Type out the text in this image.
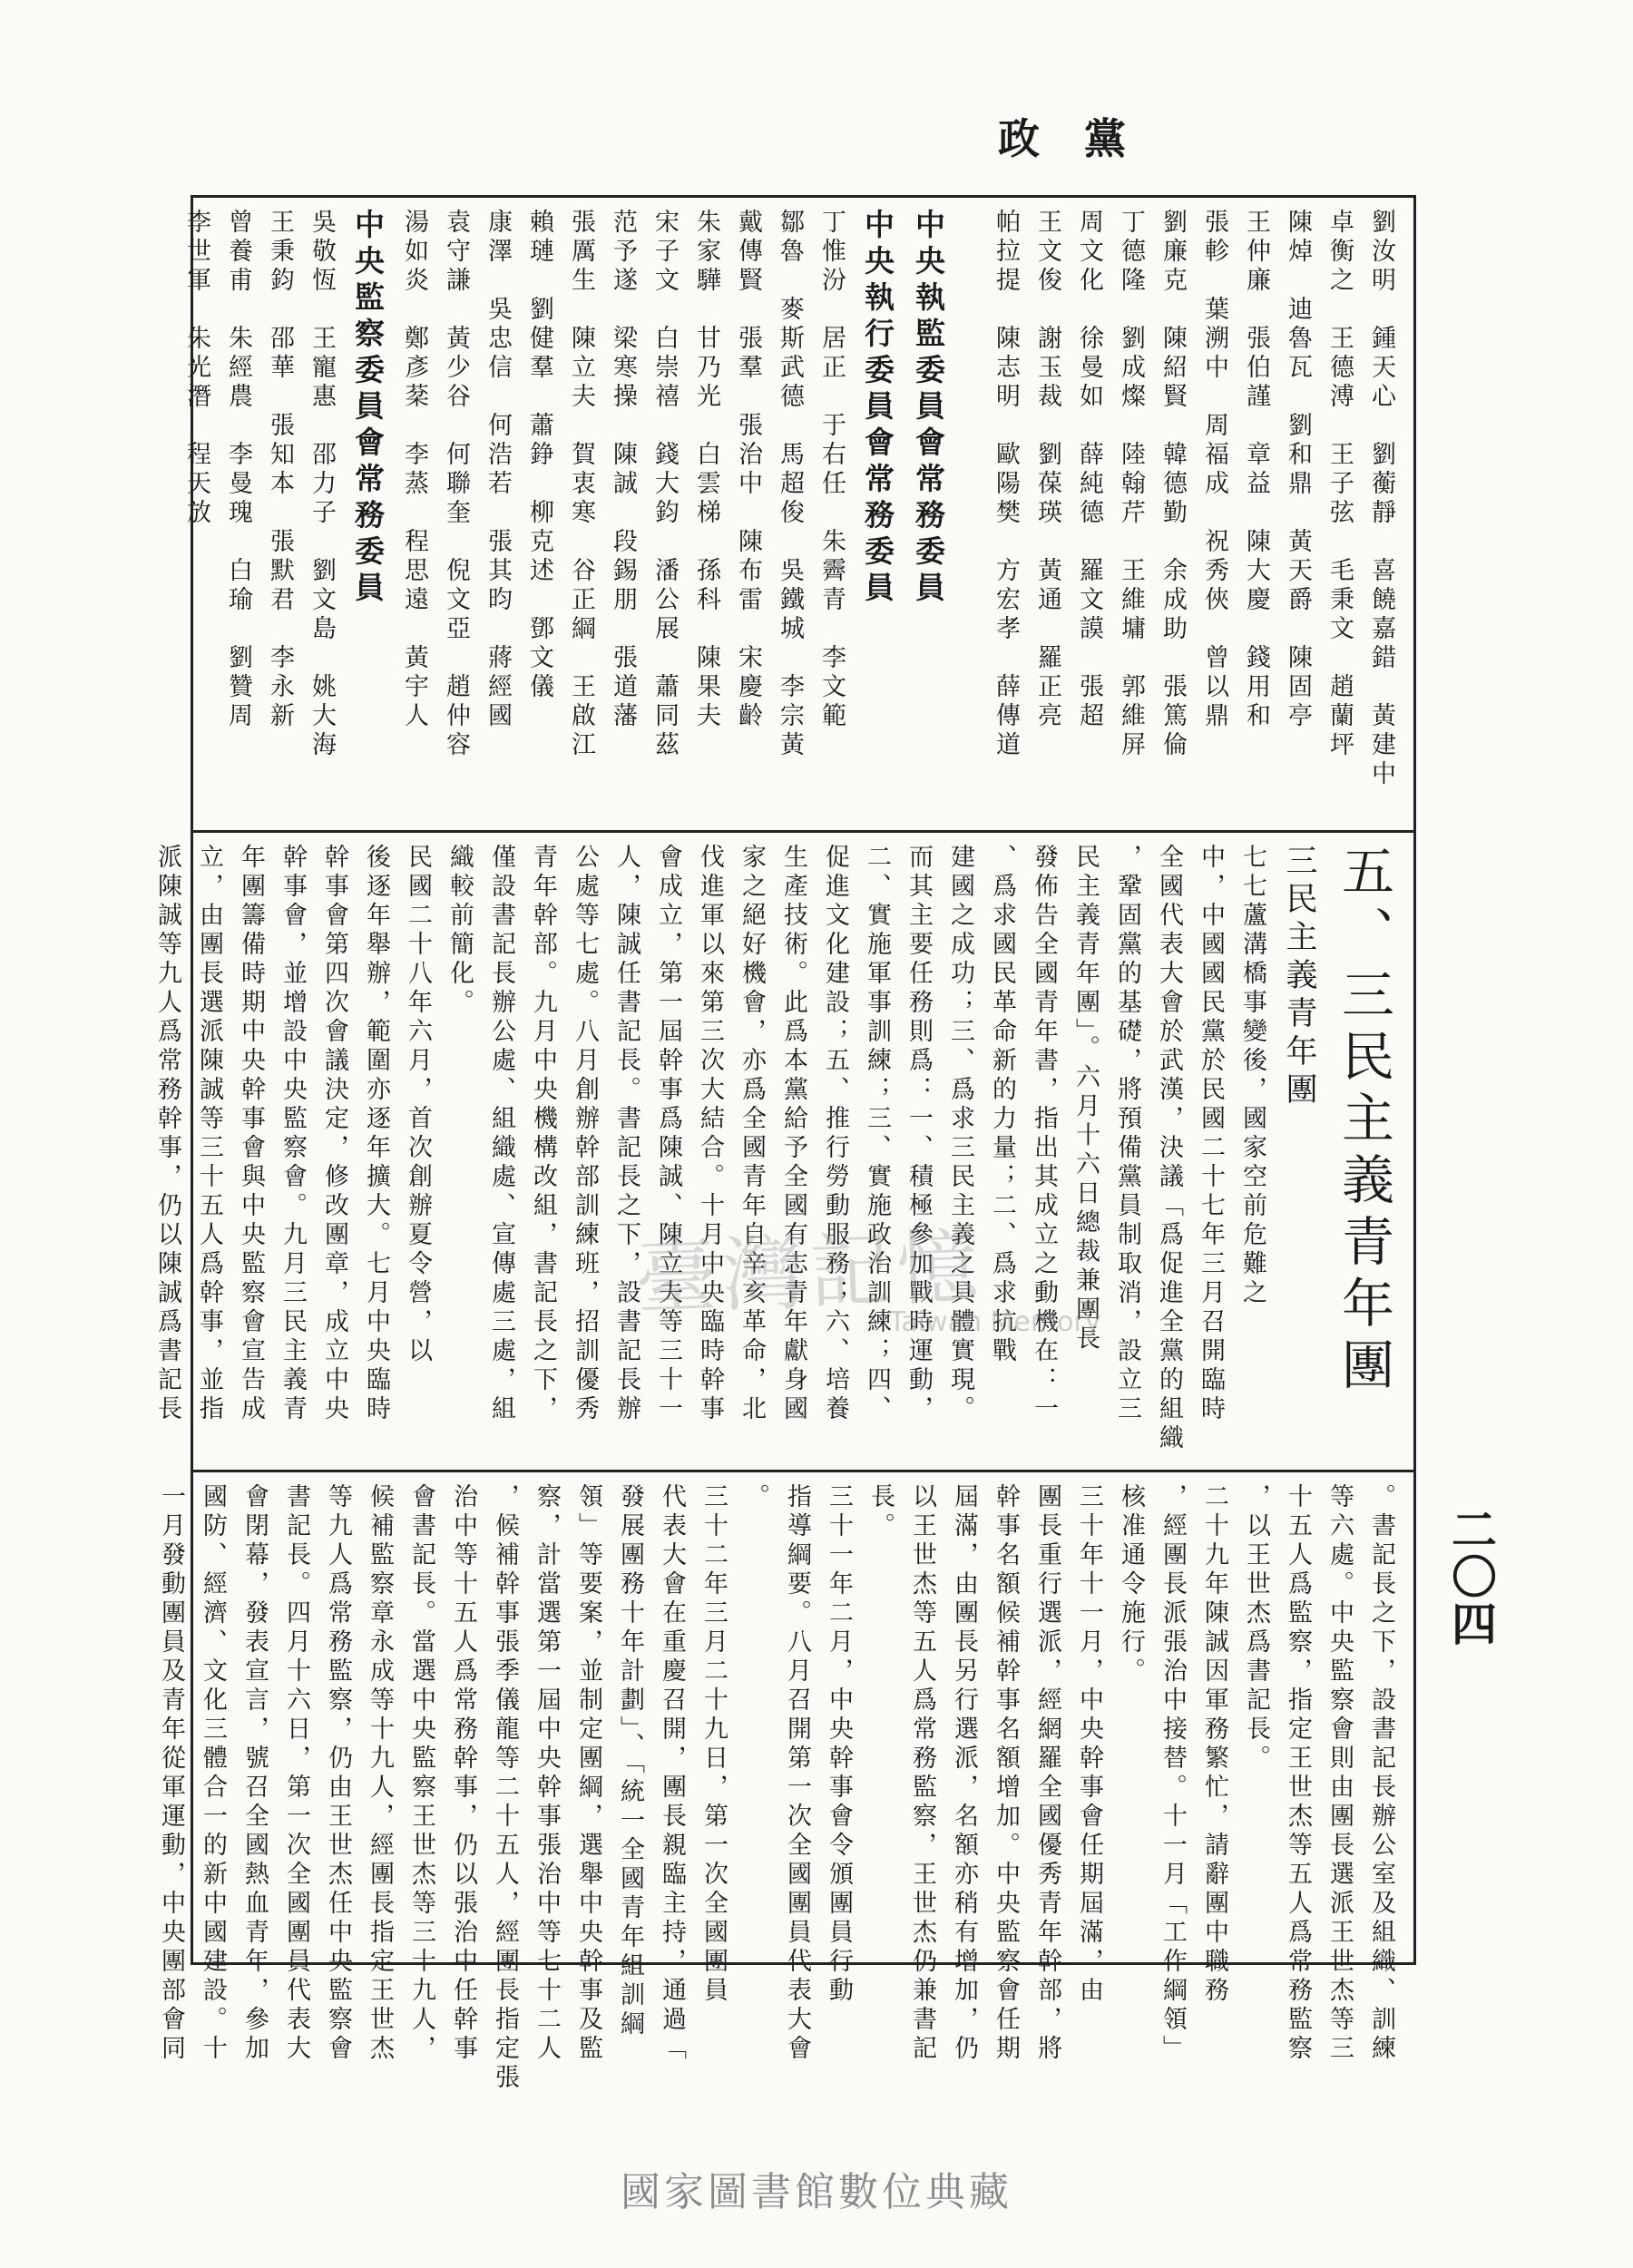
政 黨
二〇四
劉汝明　鍾天心　劉蘅靜　喜饒嘉錯　黃建中
卓衡之　王德溥　王子弦　毛秉文　趙蘭坪
陳焯　迪魯瓦　劉和鼎　黃天爵　陳固亭
王仲廉　張伯謹　章益　陳大慶　錢用和
張軫　葉溯中　周福成　祝秀俠　曾以鼎
劉廉克　陳紹賢　韓德勤　余成助　張篤倫
丁德隆　劉成燦　陸翰芹　王維墉　郭維屏
周文化　徐曼如　薛純德　羅文謨　張超
王文俊　謝玉裁　劉葆瑛　黃通　羅正亮
帕拉提　陳志明　歐陽樊　方宏孝　薛傳道
中央執監委員會常務委員
中央執行委員會常務委員
丁惟汾　居正　于右任　朱霽青　李文範
鄒魯　麥斯武德　馬超俊　吳鐵城　李宗黃
戴傳賢　張羣　張治中　陳布雷　宋慶齡
朱家驊　甘乃光　白雲梯　孫科　陳果夫
宋子文　白崇禧　錢大鈞　潘公展　蕭同茲
范予遂　梁寒操　陳誠　段錫朋　張道藩
張厲生　陳立夫　賀衷寒　谷正綱　王啟江
賴璉　劉健羣　蕭錚　柳克述　鄧文儀
康澤　吳忠信　何浩若　張其昀　蔣經國
袁守謙　黃少谷　何聯奎　倪文亞　趙仲容
湯如炎　鄭彥棻　李蒸　程思遠　黃宇人
中央監察委員會常務委員
吳敬恆　王寵惠　邵力子　劉文島　姚大海
王秉鈞　邵華　張知本　張默君　李永新
曾養甫　朱經農　李曼瑰　白瑜　劉贊周
李世軍　朱光潛　程天放
五、三民主義青年團
三民主義青年團
七七蘆溝橋事變後，國家空前危難之
中，中國國民黨於民國二十七年三月召開臨時
全國代表大會於武漢，決議「爲促進全黨的組織
，鞏固黨的基礎，將預備黨員制取消，設立三
民主義青年團」。六月十六日總裁兼團長
發佈告全國青年書，指出其成立之動機在：一
、爲求國民革命新的力量；二、爲求抗戰
建國之成功；三、爲求三民主義之具體實現。
而其主要任務則爲：一、積極參加戰時運動，
二、實施軍事訓練；三、實施政治訓練；四、
促進文化建設；五、推行勞動服務；六、培養
生產技術。此爲本黨給予全國有志青年獻身國
家之絕好機會，亦爲全國青年自辛亥革命，北
伐進軍以來第三次大結合。十月中央臨時幹事
會成立，第一屆幹事爲陳誠、陳立夫等三十一
人，陳誠任書記長。書記長之下，設書記長辦
公處等七處。八月創辦幹部訓練班，招訓優秀
青年幹部。九月中央機構改組，書記長之下，
僅設書記長辦公處、組織處、宣傳處三處，組
織較前簡化。
民國二十八年六月，首次創辦夏令營，以
後逐年舉辦，範圍亦逐年擴大。七月中央臨時
幹事會第四次會議決定，修改團章，成立中央
幹事會，並增設中央監察會。九月三民主義青
年團籌備時期中央幹事會與中央監察會宣告成
立，由團長選派陳誠等三十五人爲幹事，並指
派陳誠等九人爲常務幹事，仍以陳誠爲書記長
。書記長之下，設書記長辦公室及組織、訓練
等六處。中央監察會則由團長選派王世杰等三
十五人爲監察，指定王世杰等五人爲常務監察
，以王世杰爲書記長。
二十九年陳誠因軍務繁忙，請辭團中職務
，經團長派張治中接替。十一月「工作綱領」
核准通令施行。
三十年十一月，中央幹事會任期屆滿，由
團長重行選派，經網羅全國優秀青年幹部，將
幹事名額候補幹事名額增加。中央監察會任期
屆滿，由團長另行選派，名額亦稍有增加，仍
以王世杰等五人爲常務監察，王世杰仍兼書記
長。
三十一年二月，中央幹事會令頒團員行動
指導綱要。八月召開第一次全國團員代表大會
。
三十二年三月二十九日，第一次全國團員
代表大會在重慶召開，團長親臨主持，通過「
發展團務十年計劃」、「統一全國青年組訓綱
領」等要案，並制定團綱，選舉中央幹事及監
察，計當選第一屆中央幹事張治中等七十二人
，候補幹事張季儀龍等二十五人，經團長指定張
治中等十五人爲常務幹事，仍以張治中任幹事
會書記長。當選中央監察王世杰等三十九人，
候補監察章永成等十九人，經團長指定王世杰
等九人爲常務監察，仍由王世杰任中央監察會
書記長。四月十六日，第一次全國團員代表大
會閉幕，發表宣言，號召全國熱血青年，參加
國防、經濟、文化三體合一的新中國建設。十
一月發動團員及青年從軍運動，中央團部會同
臺灣記憶
Taiwan Memory
國家圖書館數位典藏
